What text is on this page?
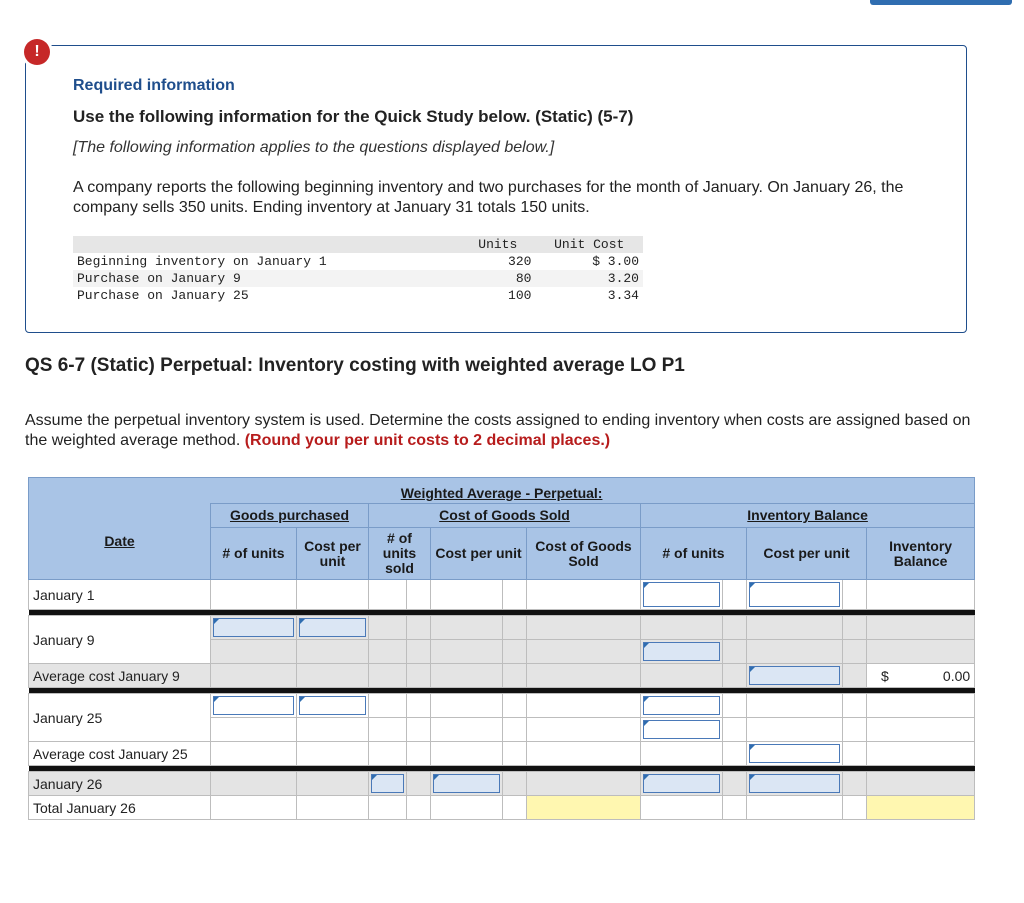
Required information
Use the following information for the Quick Study below. (Static) (5-7)
[The following information applies to the questions displayed below.]
A company reports the following beginning inventory and two purchases for the month of January. On January 26, the company sells 350 units. Ending inventory at January 31 totals 150 units.
	Units	Unit Cost
Beginning inventory on January 1	320	$ 3.00
Purchase on January 9	80	3.20
Purchase on January 25	100	3.34
!
QS 6-7 (Static) Perpetual: Inventory costing with weighted average LO P1
Assume the perpetual inventory system is used. Determine the costs assigned to ending inventory when costs are assigned based on the weighted average method. (Round your per unit costs to 2 decimal places.)
Weighted Average - Perpetual:												
Date	Goods purchased		Cost of Goods Sold					Inventory Balance				
	# of units	Cost per unit	# of units sold		Cost per unit		Cost of Goods Sold	# of units		Cost per unit		Inventory Balance
January 1								

January 9	

Average cost January 9												$ 0.00

January 25	

Average cost January 25										

January 26			

Total January 26												
